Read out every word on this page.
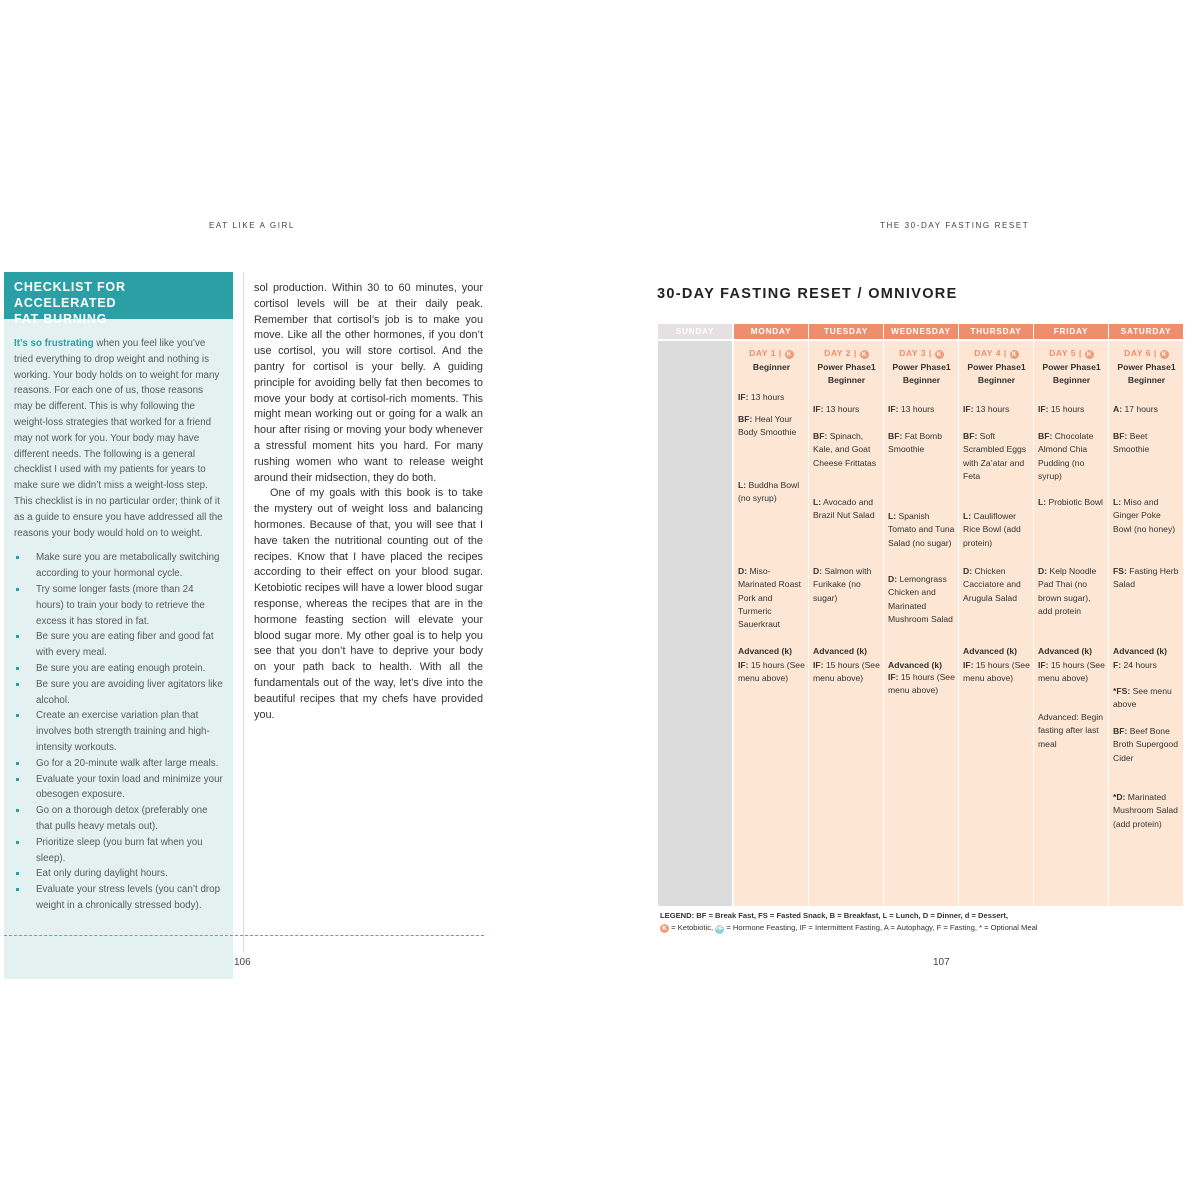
EAT LIKE A GIRL
CHECKLIST FOR ACCELERATED
FAT BURNING
It’s so frustrating when you feel like you’ve tried everything to drop weight and nothing is working. Your body holds on to weight for many reasons. For each one of us, those reasons may be different. This is why following the weight-loss strategies that worked for a friend may not work for you. Your body may have different needs. The following is a general checklist I used with my patients for years to make sure we didn’t miss a weight-loss step. This checklist is in no particular order; think of it as a guide to ensure you have addressed all the reasons your body would hold on to weight.
Make sure you are metabolically switching according to your hormonal cycle.
Try some longer fasts (more than 24 hours) to train your body to retrieve the excess it has stored in fat.
Be sure you are eating fiber and good fat with every meal.
Be sure you are eating enough protein.
Be sure you are avoiding liver agitators like alcohol.
Create an exercise variation plan that involves both strength training and high-intensity workouts.
Go for a 20-minute walk after large meals.
Evaluate your toxin load and minimize your obesogen exposure.
Go on a thorough detox (preferably one that pulls heavy metals out).
Prioritize sleep (you burn fat when you sleep).
Eat only during daylight hours.
Evaluate your stress levels (you can’t drop weight in a chronically stressed body).

sol production. Within 30 to 60 minutes, your cortisol levels will be at their daily peak. Remember that cortisol’s job is to make you move. Like all the other hormones, if you don’t use cortisol, you will store cortisol. And the pantry for cortisol is your belly. A guiding principle for avoiding belly fat then becomes to move your body at cortisol-rich moments. This might mean working out or going for a walk an hour after rising or moving your body whenever a stressful moment hits you hard. For many rushing women who want to release weight around their midsection, they do both.

One of my goals with this book is to take the mystery out of weight loss and balancing hormones. Because of that, you will see that I have taken the nutritional counting out of the recipes. Know that I have placed the recipes according to their effect on your blood sugar. Ketobiotic recipes will have a lower blood sugar response, whereas the recipes that are in the hormone feasting section will elevate your blood sugar more. My other goal is to help you see that you don’t have to deprive your body on your path back to health. With all the fundamentals out of the way, let’s dive into the beautiful recipes that my chefs have provided you.

106
THE 30-DAY FASTING RESET
30-DAY FASTING RESET / OMNIVORE
SUNDAY	MONDAY
DAY 1 | K
Beginner
IF: 13 hours
BF: Heal Your Body Smoothie
L: Buddha Bowl (no syrup)
D: Miso-Marinated Roast Pork and Turmeric Sauerkraut
Advanced (k)
IF: 15 hours (See menu above)
TUESDAY
DAY 2 | K
Power Phase1 Beginner
IF: 13 hours
BF: Spinach, Kale, and Goat Cheese Frittatas
L: Avocado and Brazil Nut Salad
D: Salmon with Furikake (no sugar)
Advanced (k)
IF: 15 hours (See menu above)
WEDNESDAY
DAY 3 | K
Power Phase1 Beginner
IF: 13 hours
BF: Fat Bomb Smoothie
L: Spanish Tomato and Tuna Salad (no sugar)
D: Lemongrass Chicken and Marinated Mushroom Salad
Advanced (k)
IF: 15 hours (See menu above)
THURSDAY
DAY 4 | K
Power Phase1 Beginner
IF: 13 hours
BF: Soft Scrambled Eggs with Za’atar and Feta
L: Cauliflower Rice Bowl (add protein)
D: Chicken Cacciatore and Arugula Salad
Advanced (k)
IF: 15 hours (See menu above)
FRIDAY
DAY 5 | K
Power Phase1 Beginner
IF: 15 hours
BF: Chocolate Almond Chia Pudding (no syrup)
L: Probiotic Bowl
D: Kelp Noodle Pad Thai (no brown sugar), add protein
Advanced (k)
IF: 15 hours (See menu above)
Advanced: Begin fasting after last meal
SATURDAY
DAY 6 | K
Power Phase1 Beginner
A: 17 hours
BF: Beet Smoothie
L: Miso and Ginger Poke Bowl (no honey)
FS: Fasting Herb Salad
Advanced (k)
F: 24 hours
*FS: See menu above
BF: Beef Bone Broth Supergood Cider
*D: Marinated Mushroom Salad (add protein)
LEGEND: BF = Break Fast, FS = Fasted Snack, B = Breakfast, L = Lunch, D = Dinner, d = Dessert,
K = Ketobiotic, HF = Hormone Feasting, IF = Intermittent Fasting, A = Autophagy, F = Fasting, * = Optional Meal
107
